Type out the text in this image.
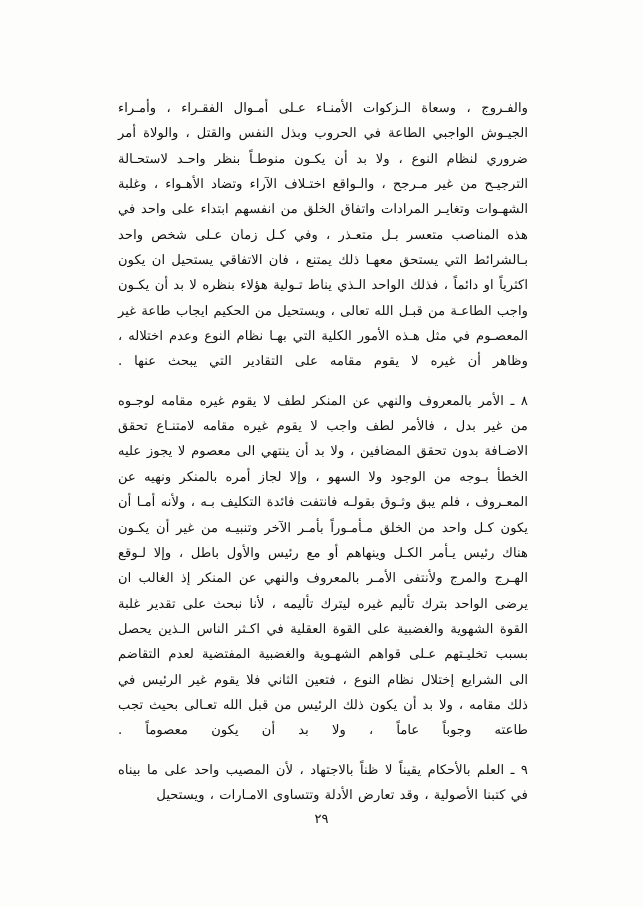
والفـروج ، وسعاة الـزكوات الأمنـاء عـلى أمـوال الفقـراء ، وأمـراء الجيـوش الواجبي الطاعة في الحروب وبذل النفس والقتل ، والولاة أمر ضروري لنظام النوع ، ولا بد أن يكـون منوطـاً بنظر واحـد لاستحـالة الترجيـح من غير مـرجح ، والـواقع اختـلاف الآراء وتضاد الأهـواء ، وغلبة الشهـوات وتغايـر المرادات واتفاق الخلق من انفسهم ابتداء على واحد في هذه المناصب متعسر بـل متعـذر ، وفي كـل زمان عـلى شخص واحد بـالشرائط التي يستحق معهـا ذلك يمتنع ، فان الاتفاقي يستحيل ان يكون اكثرياً او دائماً ، فذلك الواحد الـذي يناط تـولية هؤلاء بنظره لا بد أن يكـون واجب الطاعـة من قبـل الله تعالى ، ويستحيل من الحكيم ايجاب طاعة غير المعصـوم في مثل هـذه الأمور الكلية التي بهـا نظام النوع وعدم اختلاله ، وظاهر أن غيره لا يقوم مقامه على التقادير التي يبحث عنها .

٨ ـ الأمر بالمعروف والنهي عن المنكر لطف لا يقوم غيره مقامه لوجـوه من غير بدل ، فالأمر لطف واجب لا يقوم غيره مقامه لامتنـاع تحقق الاضـافة بدون تحقق المضافين ، ولا بد أن ينتهي الى معصوم لا يجوز عليه الخطأ بـوجه من الوجود ولا السهو ، وإلا لجاز أمره بالمنكر ونهيه عن المعـروف ، فلم يبق وثـوق بقولـه فانتفت فائدة التكليف بـه ، ولأنه أمـا أن يكون كـل واحد من الخلق مـأمـوراً بأمـر الآخر وتنبيـه من غير أن يكـون هناك رئيس يـأمر الكـل وينهاهم أو مع رئيس والأول باطل ، وإلا لـوقع الهـرج والمرج ولأنتفى الأمـر بالمعروف والنهي عن المنكر إذ الغالب ان يرضى الواحد بترك تأليم غيره ليترك تأليمه ، لأنا نبحث على تقدير غلبة القوة الشهوية والغضبية على القوة العقلية في اكـثر الناس الـذين يحصل بسبب تخليـتهم عـلى قواهم الشهـوية والغضبية المفتضية لعدم التقاضم الى الشرايع إختلال نظام النوع ، فتعين الثاني فلا يقوم غير الرئيس في ذلك مقامه ، ولا بد أن يكون ذلك الرئيس من قبل الله تعـالى بحيث تجب طاعته وجوباً عاماً ، ولا بد أن يكون معصوماً .

٩ ـ العلم بالأحكام يقيناً لا ظناً بالاجتهاد ، لأن المصيب واحد على ما بيناه في كتبنا الأصولية ، وقد تعارض الأدلة وتتساوى الامـارات ، ويستحيل

٢٩
